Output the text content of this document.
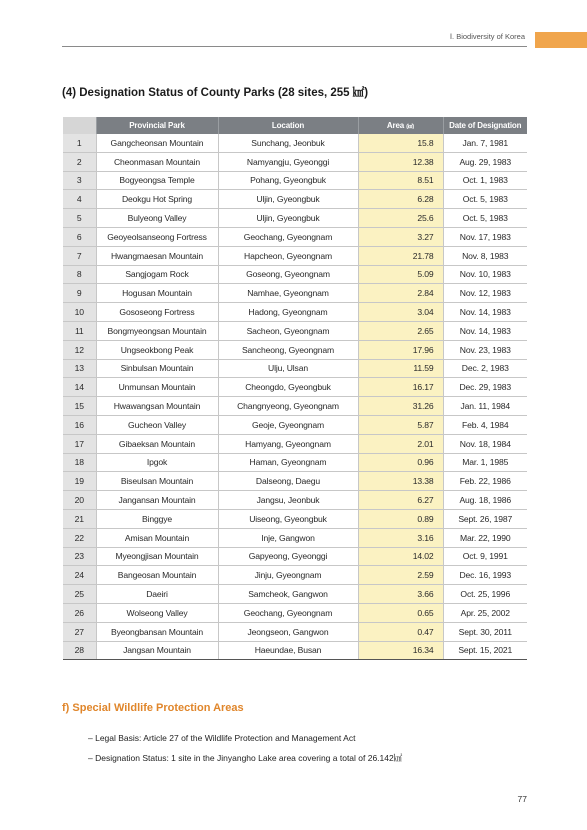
Ⅰ. Biodiversity of Korea
(4) Designation Status of County Parks (28 sites, 255 ㎢)
	Provincial Park	Location	Area (㎢)	Date of Designation
1	Gangcheonsan Mountain	Sunchang, Jeonbuk	15.8	Jan. 7, 1981
2	Cheonmasan Mountain	Namyangju, Gyeonggi	12.38	Aug. 29, 1983
3	Bogyeongsa Temple	Pohang, Gyeongbuk	8.51	Oct. 1, 1983
4	Deokgu Hot Spring	Uljin, Gyeongbuk	6.28	Oct. 5, 1983
5	Bulyeong Valley	Uljin, Gyeongbuk	25.6	Oct. 5, 1983
6	Geoyeolsanseong Fortress	Geochang, Gyeongnam	3.27	Nov. 17, 1983
7	Hwangmaesan Mountain	Hapcheon, Gyeongnam	21.78	Nov. 8, 1983
8	Sangjogam Rock	Goseong, Gyeongnam	5.09	Nov. 10, 1983
9	Hogusan Mountain	Namhae, Gyeongnam	2.84	Nov. 12, 1983
10	Gososeong Fortress	Hadong, Gyeongnam	3.04	Nov. 14, 1983
11	Bongmyeongsan Mountain	Sacheon, Gyeongnam	2.65	Nov. 14, 1983
12	Ungseokbong Peak	Sancheong, Gyeongnam	17.96	Nov. 23, 1983
13	Sinbulsan Mountain	Ulju, Ulsan	11.59	Dec. 2, 1983
14	Unmunsan Mountain	Cheongdo, Gyeongbuk	16.17	Dec. 29, 1983
15	Hwawangsan Mountain	Changnyeong, Gyeongnam	31.26	Jan. 11, 1984
16	Gucheon Valley	Geoje, Gyeongnam	5.87	Feb. 4, 1984
17	Gibaeksan Mountain	Hamyang, Gyeongnam	2.01	Nov. 18, 1984
18	Ipgok	Haman, Gyeongnam	0.96	Mar. 1, 1985
19	Biseulsan Mountain	Dalseong, Daegu	13.38	Feb. 22, 1986
20	Jangansan Mountain	Jangsu, Jeonbuk	6.27	Aug. 18, 1986
21	Binggye	Uiseong, Gyeongbuk	0.89	Sept. 26, 1987
22	Amisan Mountain	Inje, Gangwon	3.16	Mar. 22, 1990
23	Myeongjisan Mountain	Gapyeong, Gyeonggi	14.02	Oct. 9, 1991
24	Bangeosan Mountain	Jinju, Gyeongnam	2.59	Dec. 16, 1993
25	Daeiri	Samcheok, Gangwon	3.66	Oct. 25, 1996
26	Wolseong Valley	Geochang, Gyeongnam	0.65	Apr. 25, 2002
27	Byeongbansan Mountain	Jeongseon, Gangwon	0.47	Sept. 30, 2011
28	Jangsan Mountain	Haeundae, Busan	16.34	Sept. 15, 2021
f) Special Wildlife Protection Areas
– Legal Basis: Article 27 of the Wildlife Protection and Management Act
– Designation Status: 1 site in the Jinyangho Lake area covering a total of 26.142㎢
77
